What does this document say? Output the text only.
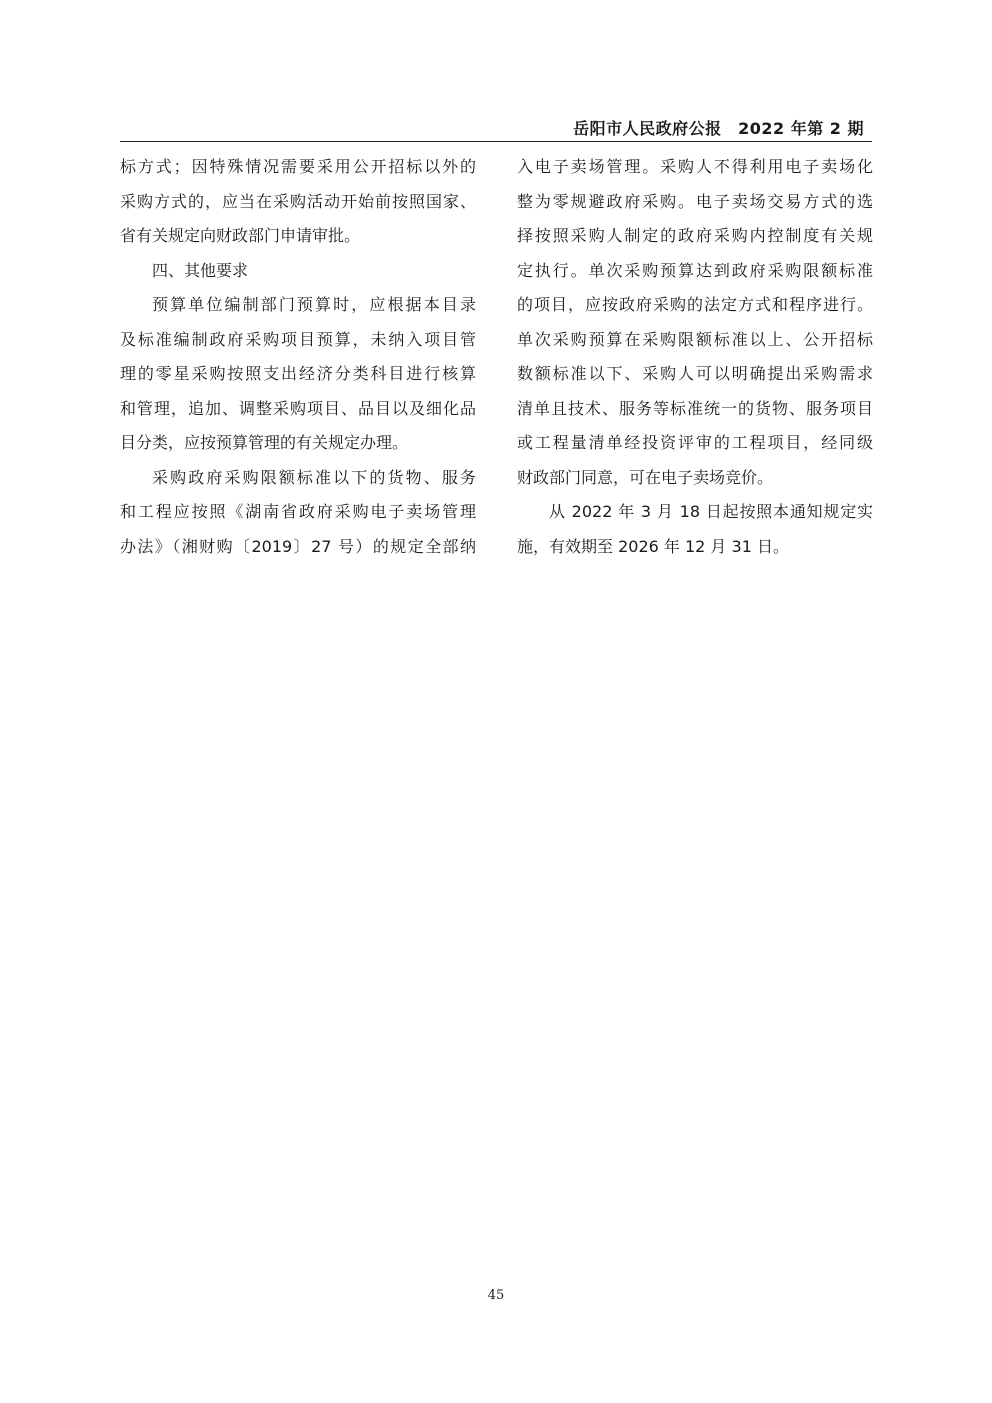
岳阳市人民政府公报　2022 年第 2 期
标方式；因特殊情况需要采用公开招标以外的
采购方式的，应当在采购活动开始前按照国家、
省有关规定向财政部门申请审批。
四、其他要求
预算单位编制部门预算时，应根据本目录
及标准编制政府采购项目预算，未纳入项目管
理的零星采购按照支出经济分类科目进行核算
和管理，追加、调整采购项目、品目以及细化品
目分类，应按预算管理的有关规定办理。
采购政府采购限额标准以下的货物、服务
和工程应按照《湖南省政府采购电子卖场管理
办法》（湘财购〔2019〕27 号）的规定全部纳
入电子卖场管理。采购人不得利用电子卖场化
整为零规避政府采购。电子卖场交易方式的选
择按照采购人制定的政府采购内控制度有关规
定执行。单次采购预算达到政府采购限额标准
的项目，应按政府采购的法定方式和程序进行。
单次采购预算在采购限额标准以上、公开招标
数额标准以下、采购人可以明确提出采购需求
清单且技术、服务等标准统一的货物、服务项目
或工程量清单经投资评审的工程项目，经同级
财政部门同意，可在电子卖场竞价。
从 2022 年 3 月 18 日起按照本通知规定实
施，有效期至 2026 年 12 月 31 日。
45
